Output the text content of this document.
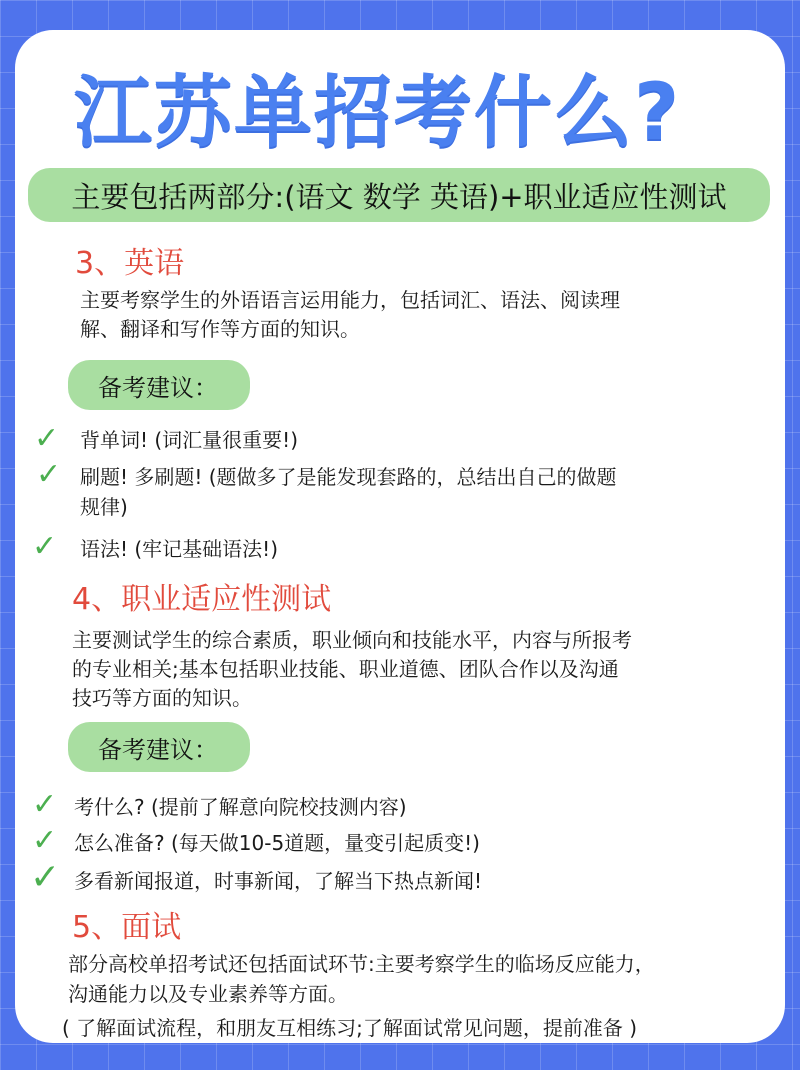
江苏单招考什么?
主要包括两部分:(语文 数学 英语)+职业适应性测试
3、英语
主要考察学生的外语语言运用能力，包括词汇、语法、阅读理
解、翻译和写作等方面的知识。
备考建议：
✓ 背单词! (词汇量很重要!)
✓ 刷题! 多刷题! (题做多了是能发现套路的，总结出自己的做题
规律)
✓ 语法! (牢记基础语法!)
4、职业适应性测试
主要测试学生的综合素质，职业倾向和技能水平，内容与所报考
的专业相关;基本包括职业技能、职业道德、团队合作以及沟通
技巧等方面的知识。
备考建议：
✓ 考什么? (提前了解意向院校技测内容)
✓ 怎么准备? (每天做10-5道题，量变引起质变!)
✓ 多看新闻报道，时事新闻，了解当下热点新闻!
5、面试
部分高校单招考试还包括面试环节:主要考察学生的临场反应能力，
沟通能力以及专业素养等方面。
( 了解面试流程，和朋友互相练习;了解面试常见问题，提前准备 )
